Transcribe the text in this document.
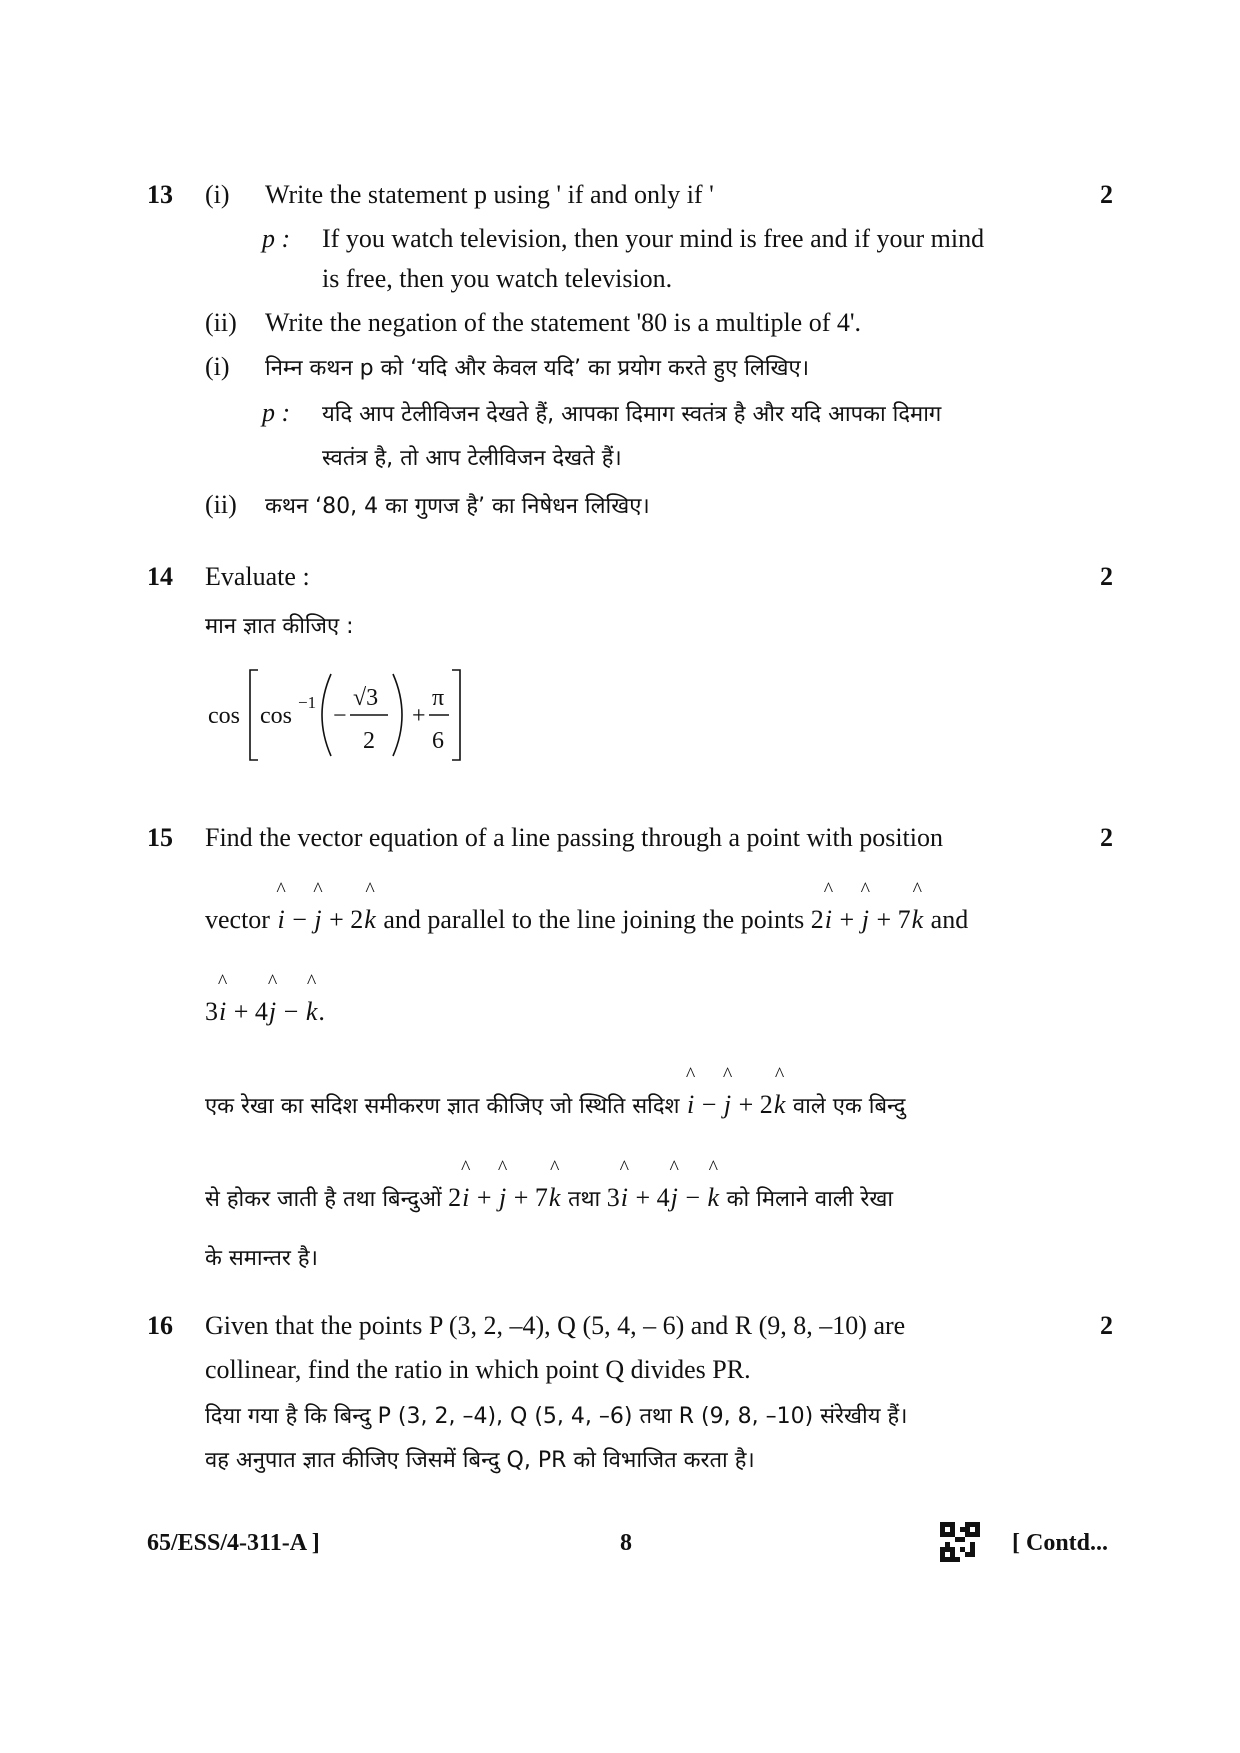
13	2
(i) Write the statement p using ' if and only if '
p : If you watch television, then your mind is free and if your mind
is free, then you watch television.
(ii) Write the negation of the statement '80 is a multiple of 4'.
(i) निम्न कथन p को ‘यदि और केवल यदि’ का प्रयोग करते हुए लिखिए।
p : यदि आप टेलीविजन देखते हैं, आपका दिमाग स्वतंत्र है और यदि आपका दिमाग
स्वतंत्र है, तो आप टेलीविजन देखते हैं।
(ii) कथन ‘80, 4 का गुणज है’ का निषेधन लिखिए।
14	2
Evaluate :
मान ज्ञात कीजिए :
cos cos
−1
−
√3
2
+
π
6
15	2
Find the vector equation of a line passing through a point with position
vector ^ i − ^ j + 2^ k and parallel to the line joining the points 2^ i + ^ j + 7^ k and
3^ i + 4^ j − ^ k.
एक रेखा का सदिश समीकरण ज्ञात कीजिए जो स्थिति सदिश ^ i − ^ j + 2^ k वाले एक बिन्दु
से होकर जाती है तथा बिन्दुओं 2^ i + ^ j + 7^ k तथा 3^ i + 4^ j − ^ k को मिलाने वाली रेखा
के समान्तर है।
16	2
Given that the points P (3, 2, –4), Q (5, 4, – 6) and R (9, 8, –10) are
collinear, find the ratio in which point Q divides PR.
दिया गया है कि बिन्दु P (3, 2, –4), Q (5, 4, –6) तथा R (9, 8, –10) संरेखीय हैं।
वह अनुपात ज्ञात कीजिए जिसमें बिन्दु Q, PR को विभाजित करता है।
65/ESS/4-311-A ]	8	[ Contd...
